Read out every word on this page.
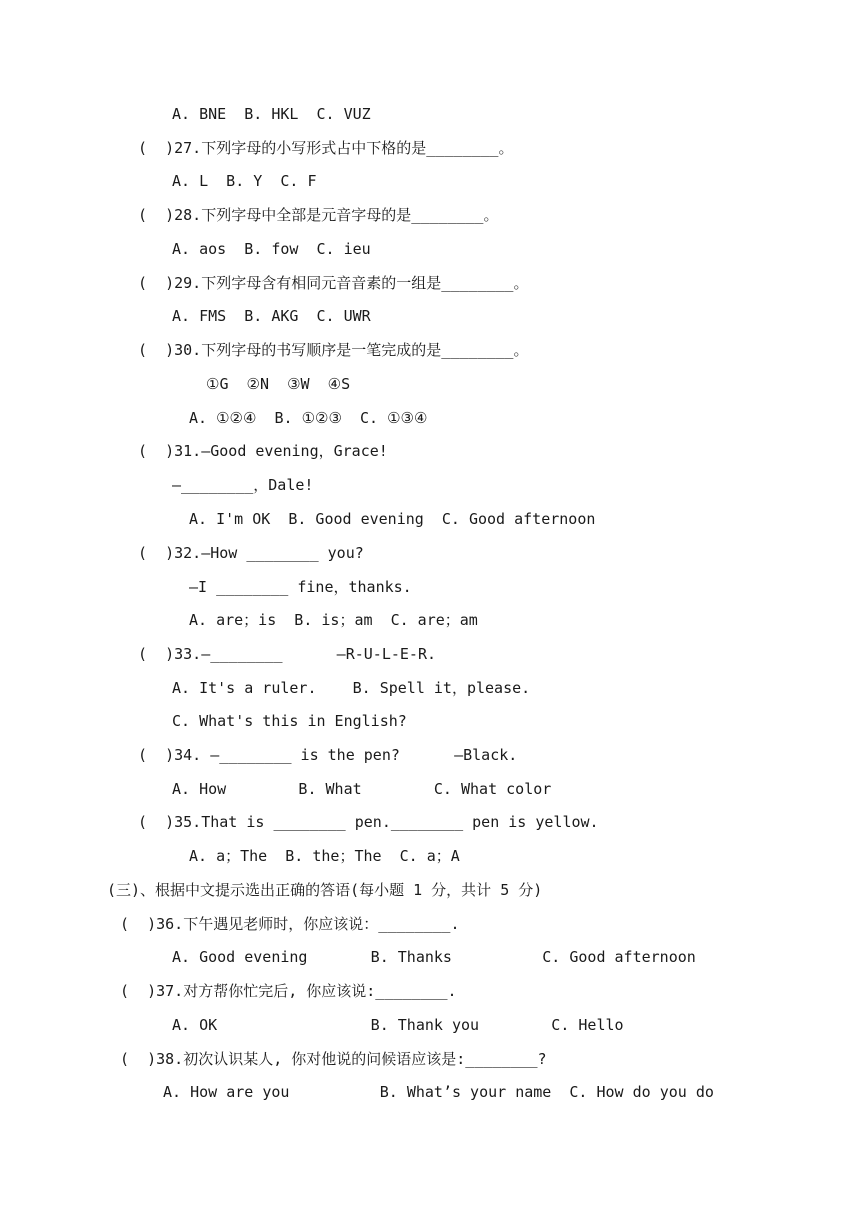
A. BNE  B. HKL  C. VUZ
(  )27.下列字母的小写形式占中下格的是________。
A. L  B. Y  C. F
(  )28.下列字母中全部是元音字母的是________。
A. aos  B. fow  C. ieu
(  )29.下列字母含有相同元音音素的一组是________。
A. FMS  B. AKG  C. UWR
(  )30.下列字母的书写顺序是一笔完成的是________。
①G  ②N  ③W  ④S
A. ①②④  B. ①②③  C. ①③④
(  )31.—Good evening，Grace!
—________，Dale!
A. I'm OK  B. Good evening  C. Good afternoon
(  )32.—How ________ you?
—I ________ fine，thanks.
A. are；is  B. is；am  C. are；am
(  )33.—________      —R-U-L-E-R.
A. It's a ruler.    B. Spell it，please.
C. What's this in English?
(  )34. —________ is the pen?      —Black.
A. How        B. What        C. What color
(  )35.That is ________ pen.________ pen is yellow.
A. a；The  B. the；The  C. a；A
(三)、根据中文提示选出正确的答语(每小题 1 分，共计 5 分)
(  )36.下午遇见老师时，你应该说：________.
A. Good evening       B. Thanks          C. Good afternoon
(  )37.对方帮你忙完后, 你应该说:________.
A. OK                 B. Thank you        C. Hello
(  )38.初次认识某人, 你对他说的问候语应该是:________?
A. How are you          B. What’s your name  C. How do you do
